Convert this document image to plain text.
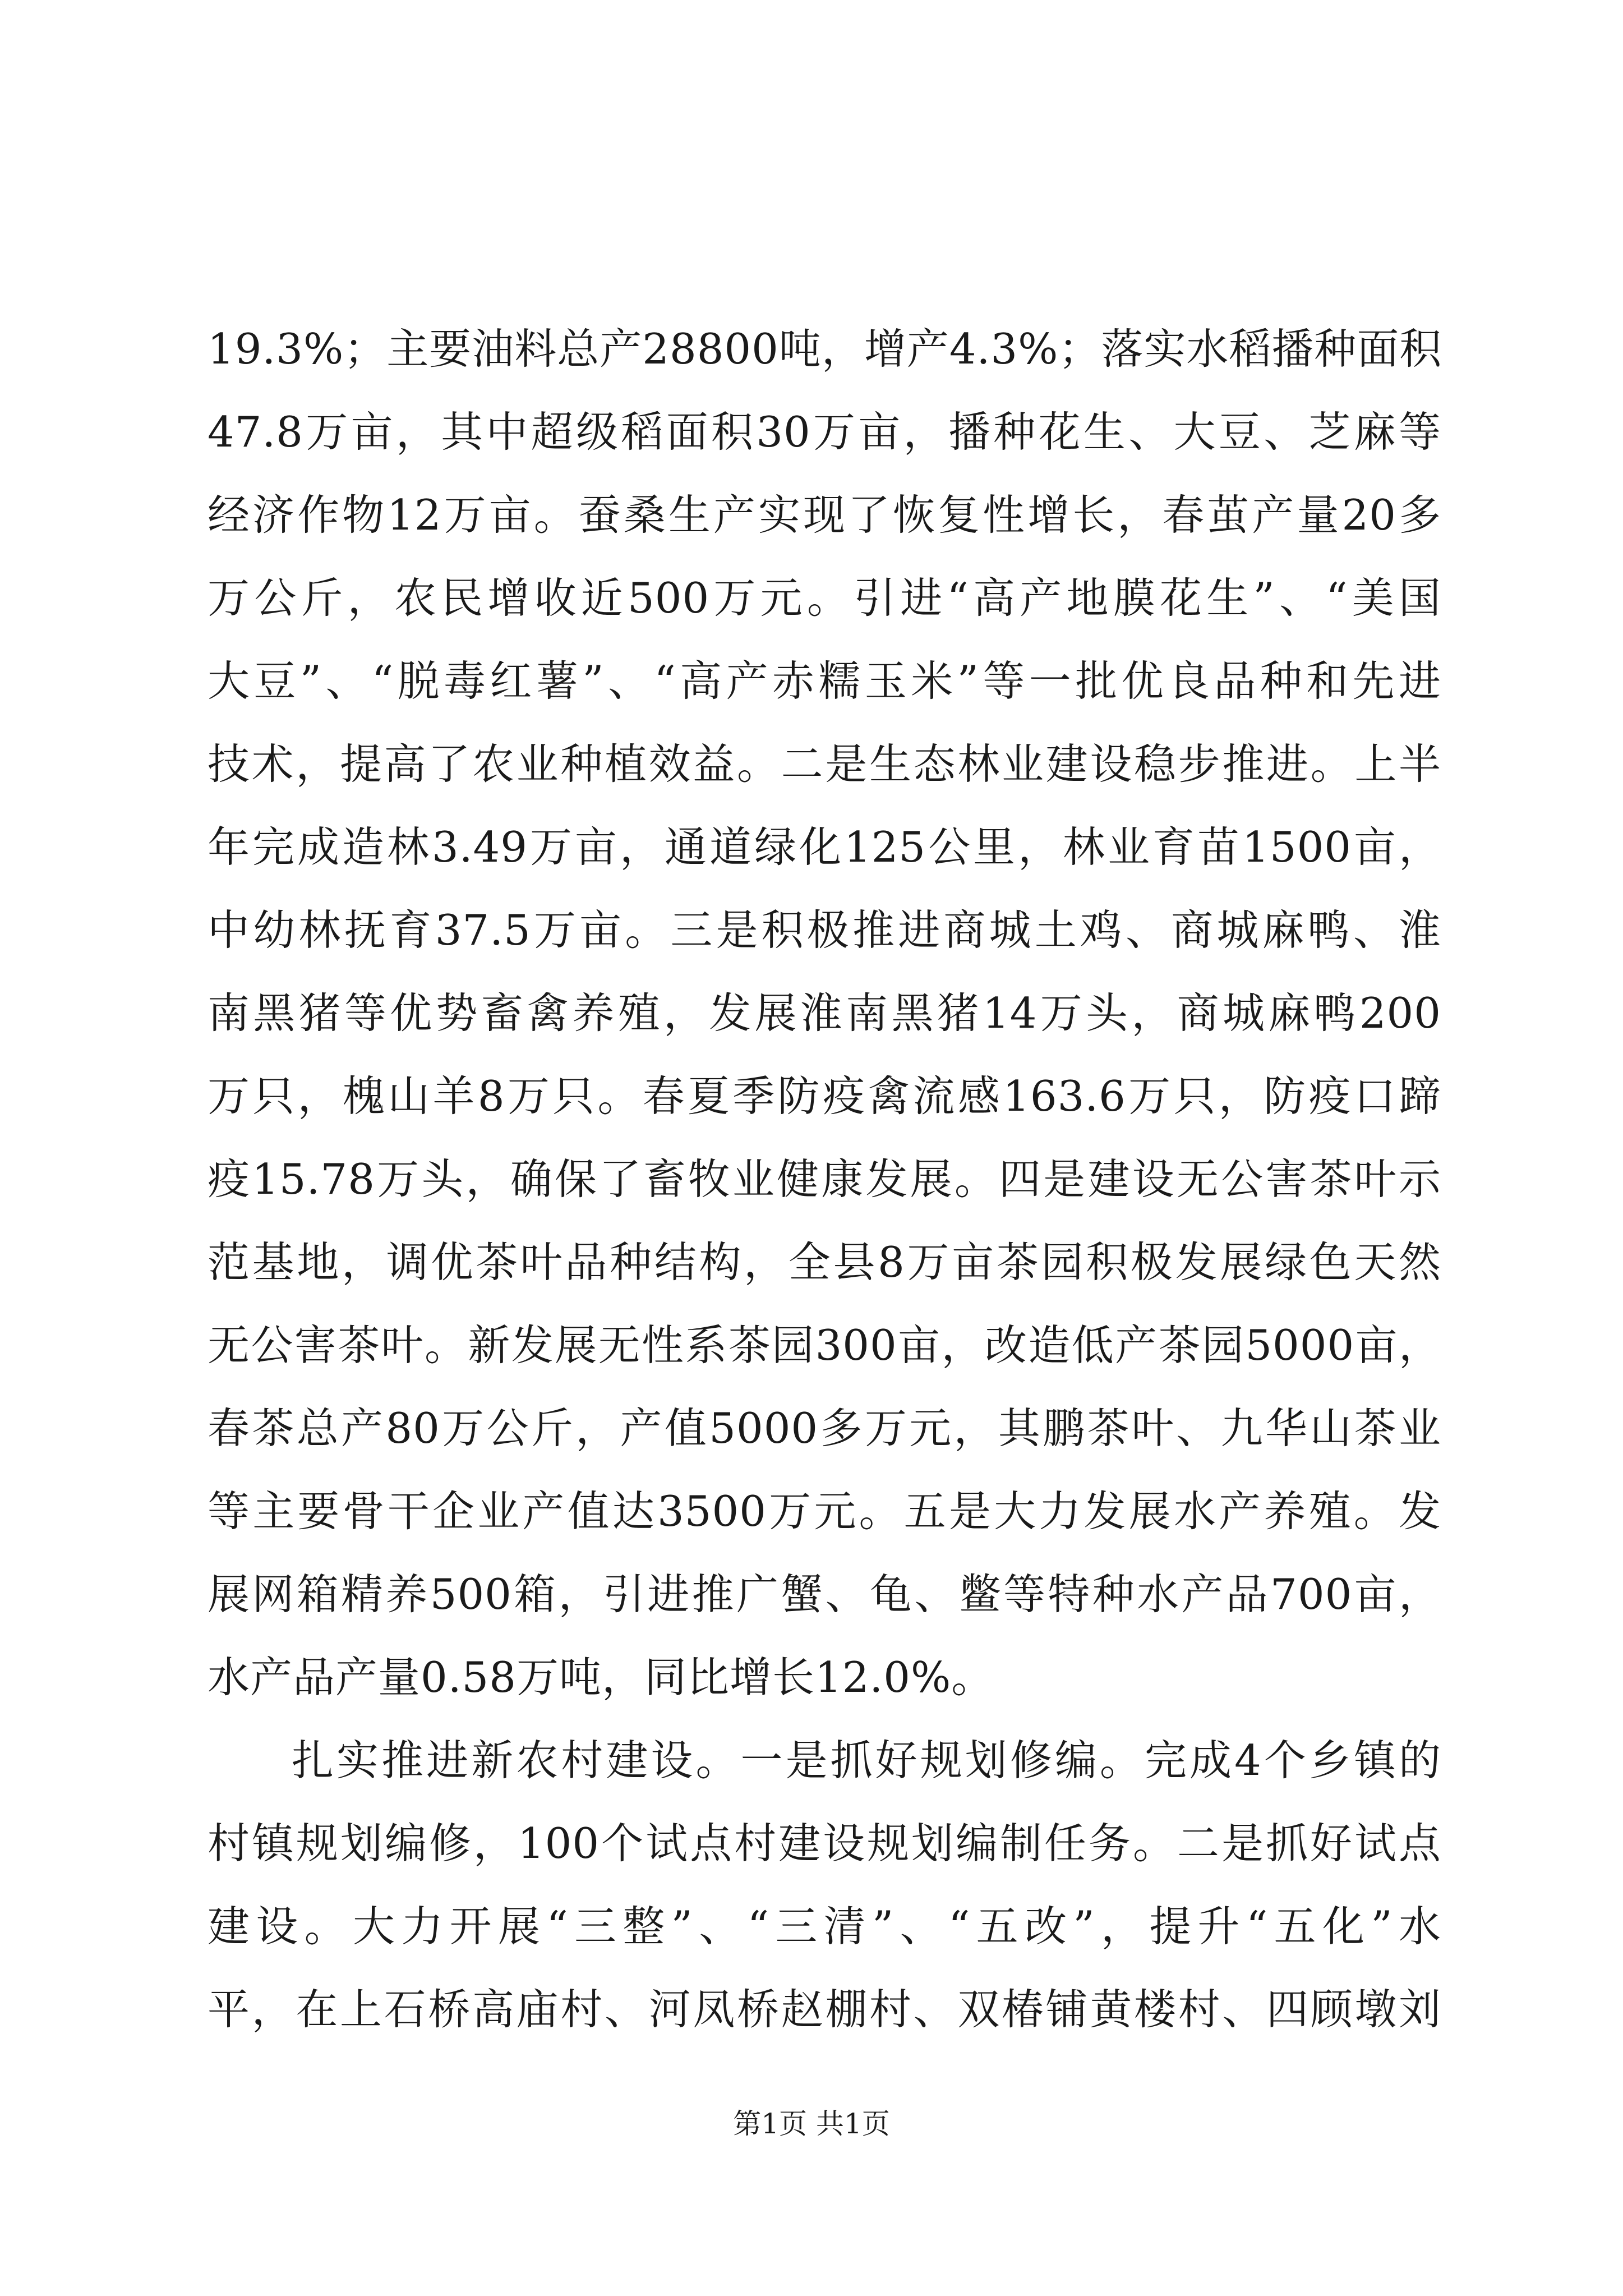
19.3%；主要油料总产28800吨，增产4.3%；落实水稻播种面积
47.8万亩，其中超级稻面积30万亩，播种花生、大豆、芝麻等
经济作物12万亩。蚕桑生产实现了恢复性增长，春茧产量20多
万公斤，农民增收近500万元。引进“高产地膜花生”、“美国
大豆”、“脱毒红薯”、“高产赤糯玉米”等一批优良品种和先进
技术，提高了农业种植效益。二是生态林业建设稳步推进。上半
年完成造林3.49万亩，通道绿化125公里，林业育苗1500亩，
中幼林抚育37.5万亩。三是积极推进商城土鸡、商城麻鸭、淮
南黑猪等优势畜禽养殖，发展淮南黑猪14万头，商城麻鸭200
万只，槐山羊8万只。春夏季防疫禽流感163.6万只，防疫口蹄
疫15.78万头，确保了畜牧业健康发展。四是建设无公害茶叶示
范基地，调优茶叶品种结构，全县8万亩茶园积极发展绿色天然
无公害茶叶。新发展无性系茶园300亩，改造低产茶园5000亩，
春茶总产80万公斤，产值5000多万元，其鹏茶叶、九华山茶业
等主要骨干企业产值达3500万元。五是大力发展水产养殖。发
展网箱精养500箱，引进推广蟹、龟、鳖等特种水产品700亩，
水产品产量0.58万吨，同比增长12.0%。
扎实推进新农村建设。一是抓好规划修编。完成4个乡镇的
村镇规划编修，100个试点村建设规划编制任务。二是抓好试点
建设。大力开展“三整”、“三清”、“五改”，提升“五化”水
平，在上石桥高庙村、河凤桥赵棚村、双椿铺黄楼村、四顾墩刘
第1页 共1页
